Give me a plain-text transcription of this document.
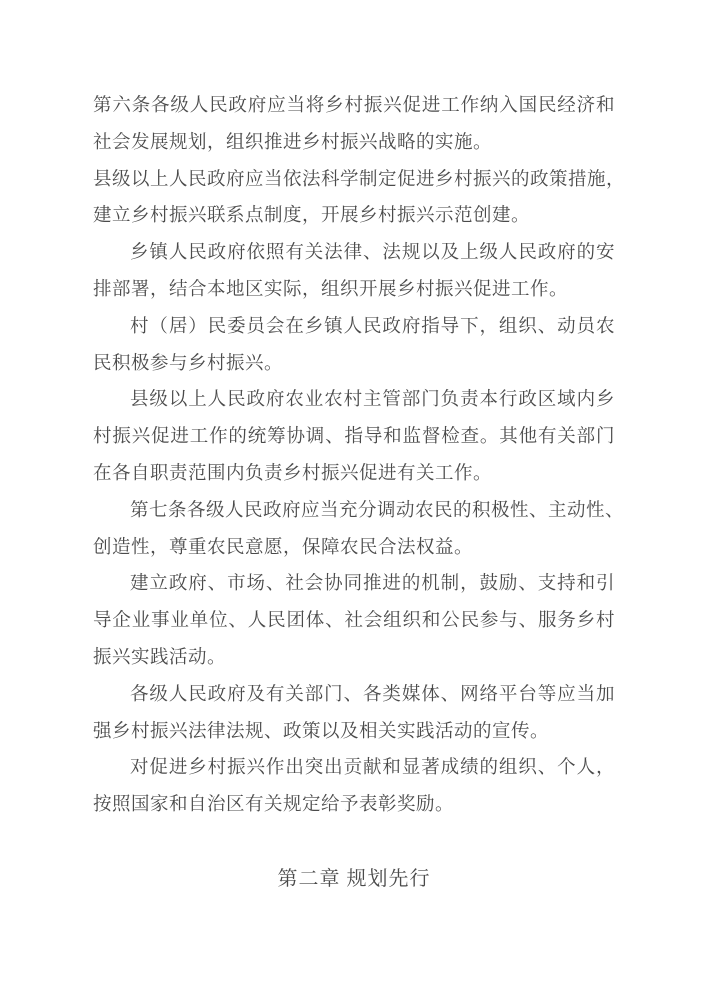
第六条各级人民政府应当将乡村振兴促进工作纳入国民经济和
社会发展规划，组织推进乡村振兴战略的实施。
县级以上人民政府应当依法科学制定促进乡村振兴的政策措施，
建立乡村振兴联系点制度，开展乡村振兴示范创建。
乡镇人民政府依照有关法律、法规以及上级人民政府的安
排部署，结合本地区实际，组织开展乡村振兴促进工作。
村（居）民委员会在乡镇人民政府指导下，组织、动员农
民积极参与乡村振兴。
县级以上人民政府农业农村主管部门负责本行政区域内乡
村振兴促进工作的统筹协调、指导和监督检查。其他有关部门
在各自职责范围内负责乡村振兴促进有关工作。
第七条各级人民政府应当充分调动农民的积极性、主动性、
创造性，尊重农民意愿，保障农民合法权益。
建立政府、市场、社会协同推进的机制，鼓励、支持和引
导企业事业单位、人民团体、社会组织和公民参与、服务乡村
振兴实践活动。
各级人民政府及有关部门、各类媒体、网络平台等应当加
强乡村振兴法律法规、政策以及相关实践活动的宣传。
对促进乡村振兴作出突出贡献和显著成绩的组织、个人，
按照国家和自治区有关规定给予表彰奖励。
第二章 规划先行
